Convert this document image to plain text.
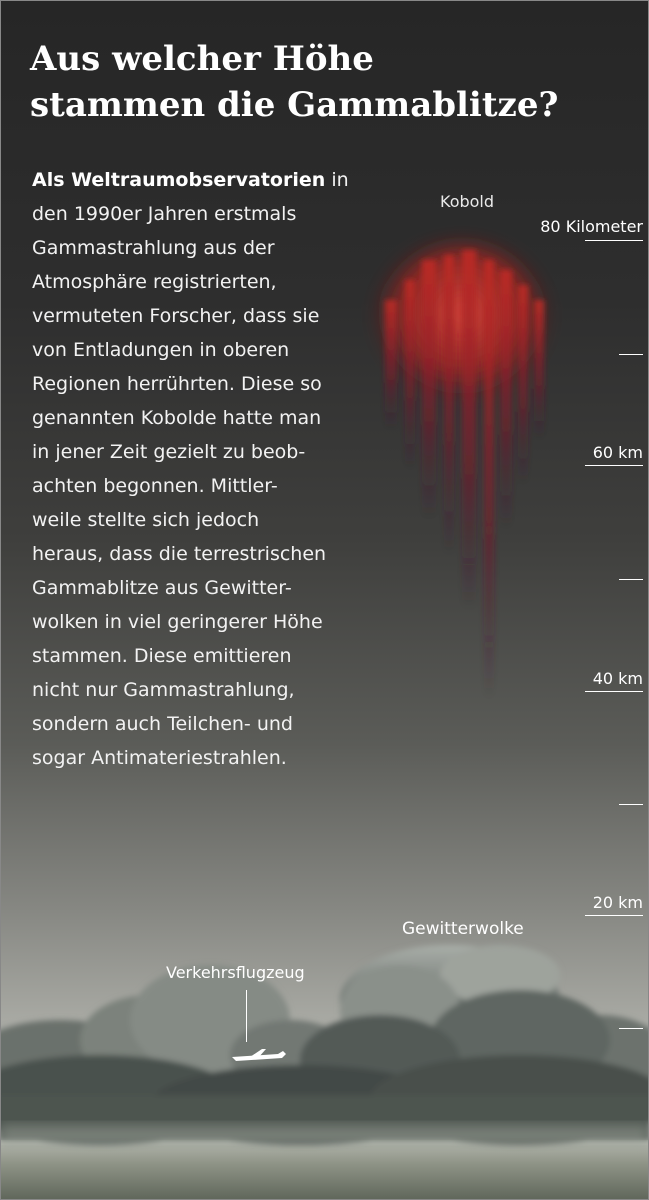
Aus welcher Höhe
stammen die Gammablitze?
Als Weltraumobservatorien in
den 1990er Jahren erstmals
Gammastrahlung aus der
Atmosphäre registrierten,
vermuteten Forscher, dass sie
von Entladungen in oberen
Regionen herrührten. Diese so
genannten Kobolde hatte man
in jener Zeit gezielt zu beob-
achten begonnen. Mittler-
weile stellte sich jedoch
heraus, dass die terrestrischen
Gammablitze aus Gewitter-
wolken in viel geringerer Höhe
stammen. Diese emittieren
nicht nur Gammastrahlung,
sondern auch Teilchen- und
sogar Antimateriestrahlen.
80 Kilometer
60 km
40 km
20 km
Kobold
Gewitterwolke
Verkehrsflugzeug
